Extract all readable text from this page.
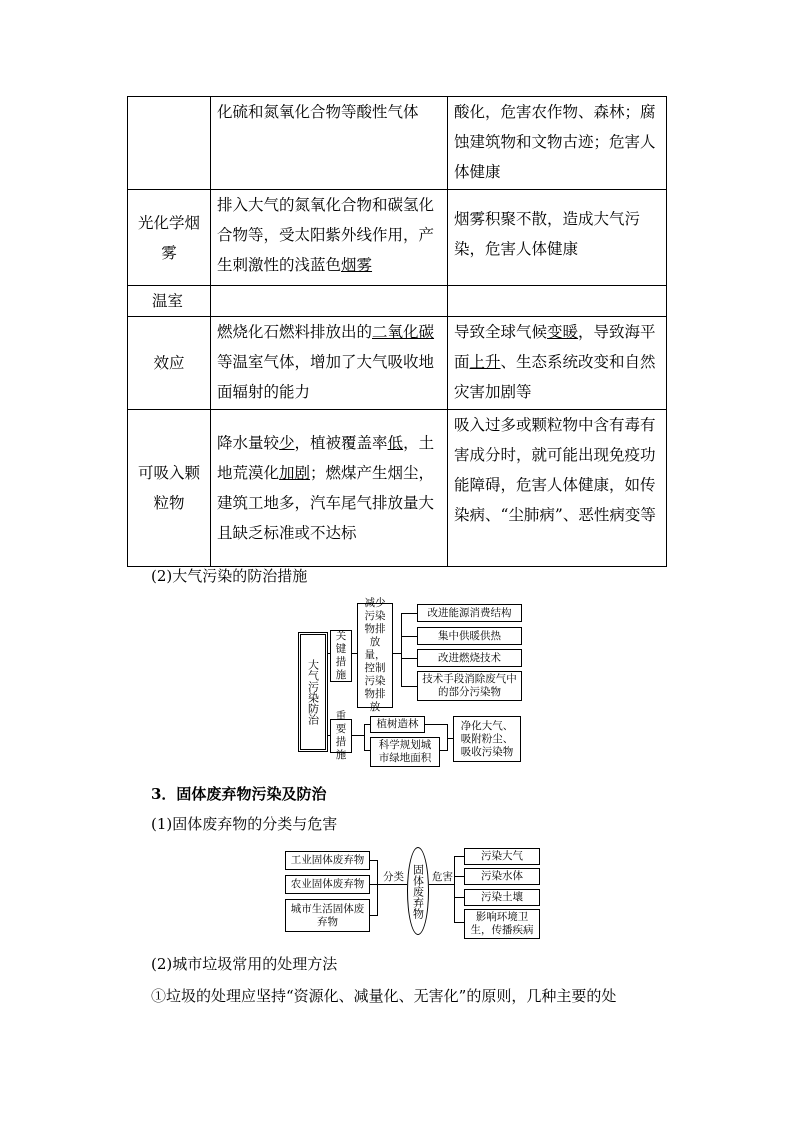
	化硫和氮氧化合物等酸性气体	酸化，危害农作物、森林；腐蚀建筑物和文物古迹；危害人体健康

光化学烟雾	排入大气的氮氧化合物和碳氢化合物等，受太阳紫外线作用，产生刺激性的浅蓝色烟雾	烟雾积聚不散，造成大气污染，危害人体健康

温室		
效应	燃烧化石燃料排放出的二氧化碳等温室气体，增加了大气吸收地面辐射的能力	导致全球气候变暖，导致海平面上升、生态系统改变和自然灾害加剧等

可吸入颗粒物	降水量较少，植被覆盖率低，土地荒漠化加剧；燃煤产生烟尘，建筑工地多，汽车尾气排放量大且缺乏标准或不达标	吸入过多或颗粒物中含有毒有害成分时，就可能出现免疫功能障碍，危害人体健康，如传染病、“尘肺病”、恶性病变等
(2)大气污染的防治措施
大气污染防治
关键措施
减少污染物排放量，控制污染物排放
改进能源消费结构
集中供暖供热
改进燃烧技术
技术手段消除废气中的部分污染物
重要措施
植树造林
科学规划城市绿地面积
净化大气、吸附粉尘、吸收污染物
3．固体废弃物污染及防治
(1)固体废弃物的分类与危害
工业固体废弃物
农业固体废弃物
城市生活固体废弃物
分类 固体废弃物 危害
污染大气
污染水体
污染土壤
影响环境卫生，传播疾病
(2)城市垃圾常用的处理方法
①垃圾的处理应坚持“资源化、减量化、无害化”的原则，几种主要的处
